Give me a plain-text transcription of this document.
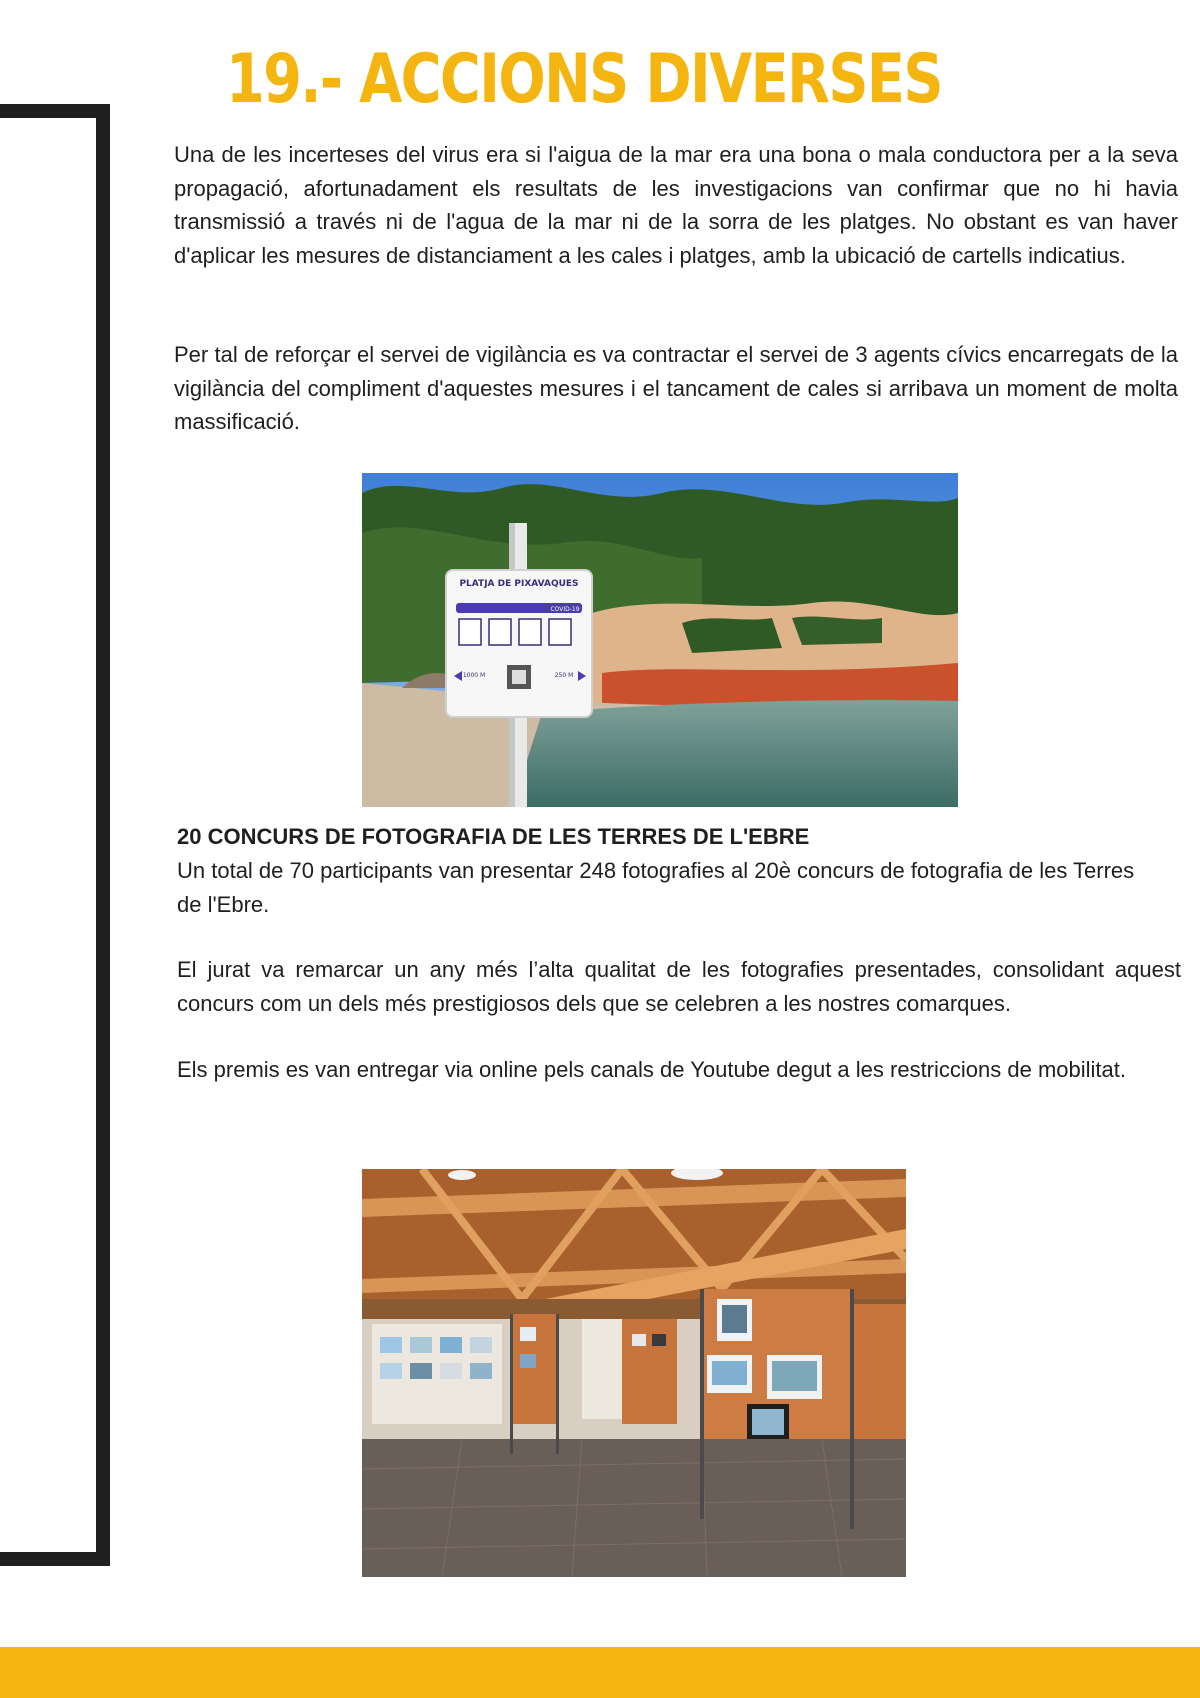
19.- ACCIONS DIVERSES

Una de les incerteses del virus era si l'aigua de la mar era una bona o mala conductora per a la seva propagació, afortunadament els resultats de les investigacions van confirmar que no hi havia transmissió a través ni de l'agua de la mar ni de la sorra de les platges. No obstant es van haver d'aplicar les mesures de distanciament a les cales i platges, amb la ubicació de cartells indicatius.

Per tal de reforçar el servei de vigilància es va contractar el servei de 3 agents cívics encarregats de la vigilància del compliment d'aquestes mesures i el tancament de cales si arribava un moment de molta massificació.

PLATJA DE PIXAVAQUES
COVID-19
1000 M	250 M
20 CONCURS DE FOTOGRAFIA DE LES TERRES DE L'EBRE

Un total de 70 participants van presentar 248 fotografies al 20è concurs de fotografia de les Terres de l'Ebre.

El jurat va remarcar un any més l’alta qualitat de les fotografies presentades, consolidant aquest concurs com un dels més prestigiosos dels que se celebren a les nostres comarques.

Els premis es van entregar via online pels canals de Youtube degut a les restriccions de mobilitat.
